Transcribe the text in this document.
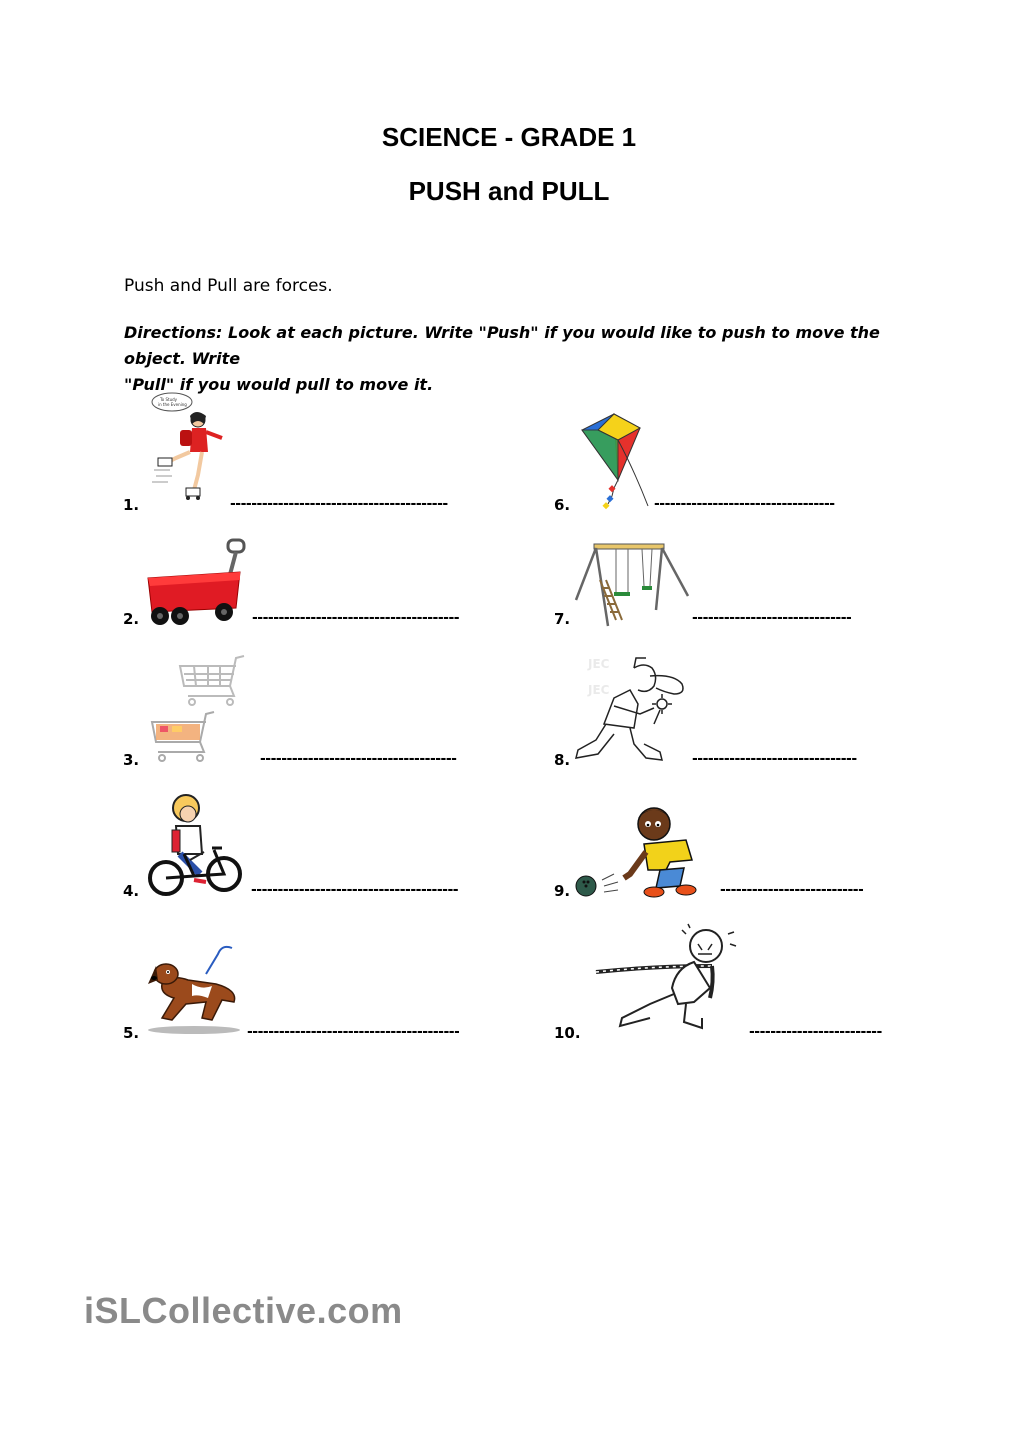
SCIENCE - GRADE 1
PUSH and PULL

Push and Pull are forces.

Directions: Look at each picture. Write "Push" if you would like to push to move the object. Write
"Pull" if you would pull to move it.
1.
To Study
in the Evening
-----------------------------------------
2.	---------------------------------------
3.	-------------------------------------
4.	---------------------------------------
5.	----------------------------------------
6.	----------------------------------
7.	------------------------------
8.
JEC
JEC
-------------------------------
9.	---------------------------
10.	-------------------------
iSLCollective.com
